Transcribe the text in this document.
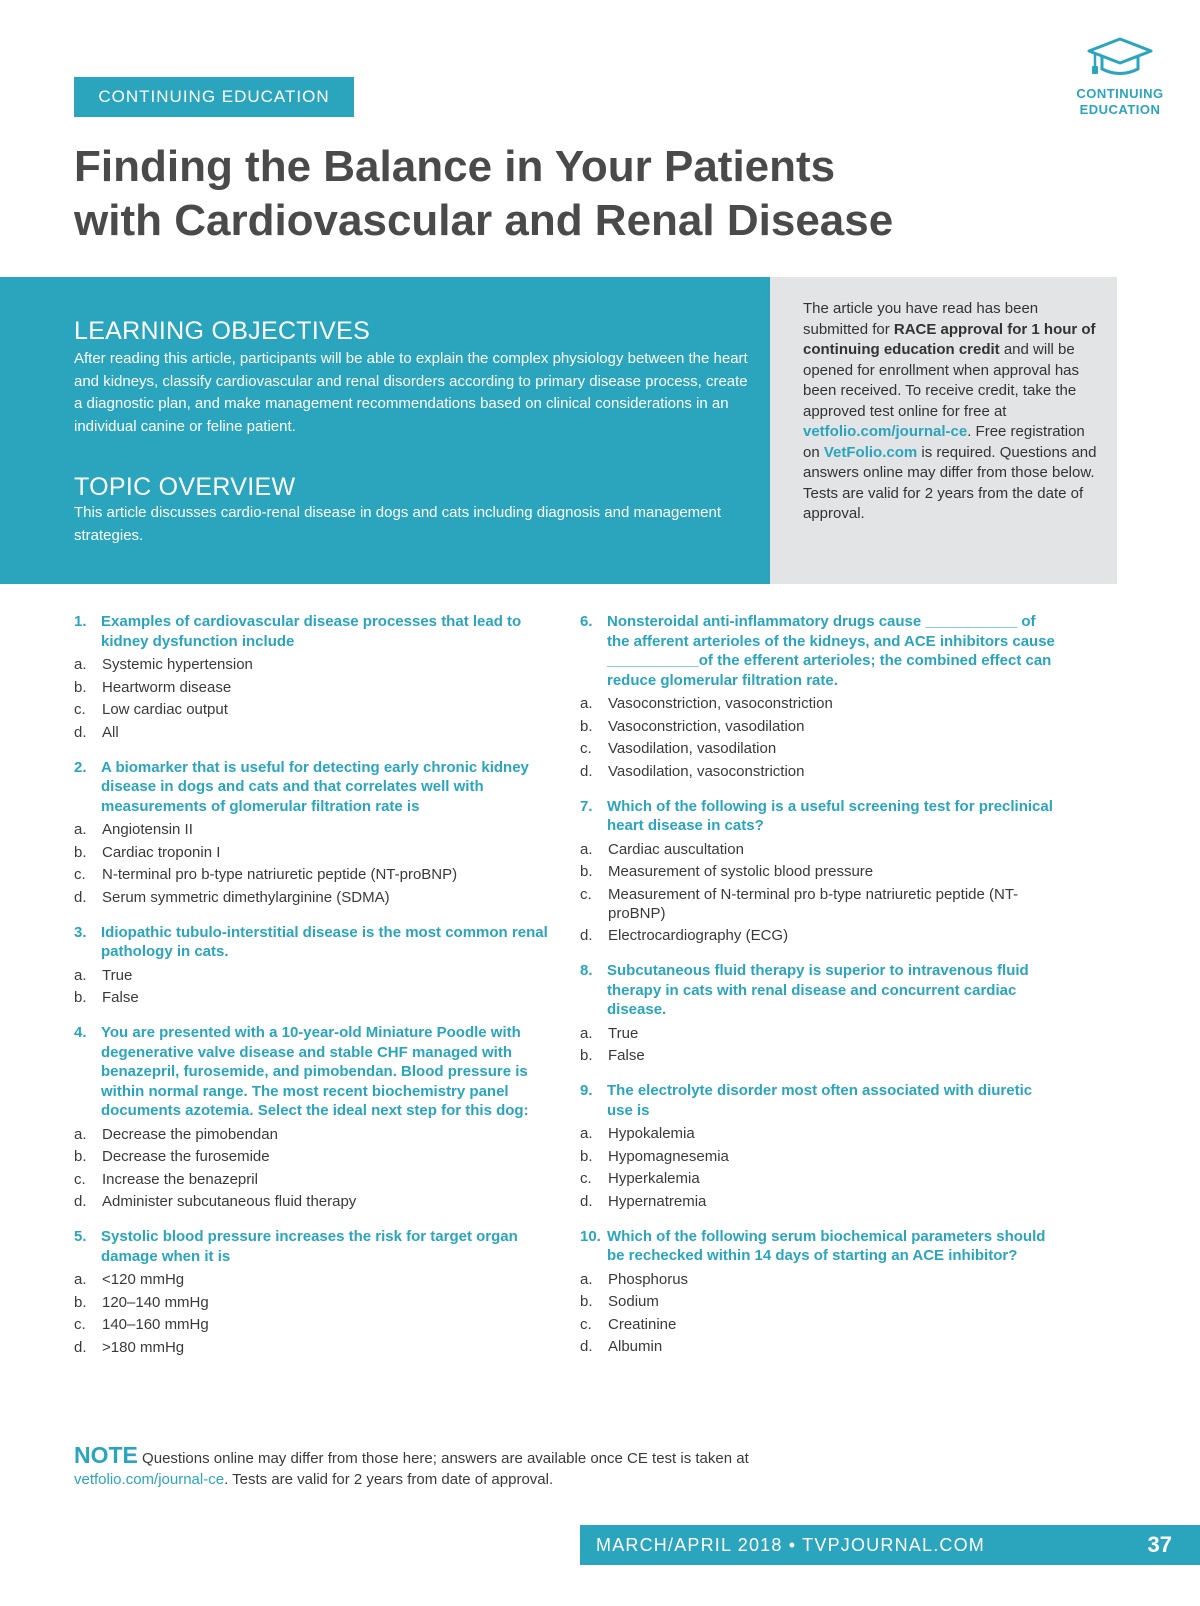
CONTINUING EDUCATION	CONTINUING
EDUCATION
Finding the Balance in Your Patients
with Cardiovascular and Renal Disease
LEARNING OBJECTIVES

After reading this article, participants will be able to explain the complex physiology between the heart and kidneys, classify cardiovascular and renal disorders according to primary disease process, create a diagnostic plan, and make management recommendations based on clinical considerations in an individual canine or feline patient.

TOPIC OVERVIEW

This article discusses cardio-renal disease in dogs and cats including diagnosis and management strategies.

The article you have read has been submitted for RACE approval for 1 hour of continuing education credit and will be opened for enrollment when approval has been received. To receive credit, take the approved test online for free at vetfolio.com/journal-ce. Free registration on VetFolio.com is required. Questions and answers online may differ from those below. Tests are valid for 2 years from the date of approval.

1. Examples of cardiovascular disease processes that lead to kidney dysfunction include
a.	Systemic hypertension
b.	Heartworm disease
c.	Low cardiac output
d.	All
2. A biomarker that is useful for detecting early chronic kidney disease in dogs and cats and that correlates well with measurements of glomerular filtration rate is
a.	Angiotensin II
b.	Cardiac troponin I
c.	N-terminal pro b-type natriuretic peptide (NT-proBNP)
d.	Serum symmetric dimethylarginine (SDMA)
3. Idiopathic tubulo-interstitial disease is the most common renal pathology in cats.
a.	True
b.	False
4. You are presented with a 10-year-old Miniature Poodle with degenerative valve disease and stable CHF managed with benazepril, furosemide, and pimobendan. Blood pressure is within normal range. The most recent biochemistry panel documents azotemia. Select the ideal next step for this dog:
a.	Decrease the pimobendan
b.	Decrease the furosemide
c.	Increase the benazepril
d.	Administer subcutaneous fluid therapy
5. Systolic blood pressure increases the risk for target organ damage when it is
a.	<120 mmHg
b.	120–140 mmHg
c.	140–160 mmHg
d.	>180 mmHg
6. Nonsteroidal anti-inflammatory drugs cause ___________ of the afferent arterioles of the kidneys, and ACE inhibitors cause ___________of the efferent arterioles; the combined effect can reduce glomerular filtration rate.
a.	Vasoconstriction, vasoconstriction
b.	Vasoconstriction, vasodilation
c.	Vasodilation, vasodilation
d.	Vasodilation, vasoconstriction
7. Which of the following is a useful screening test for preclinical heart disease in cats?
a.	Cardiac auscultation
b.	Measurement of systolic blood pressure
c.	Measurement of N-terminal pro b-type natriuretic peptide (NT-proBNP)
d.	Electrocardiography (ECG)
8. Subcutaneous fluid therapy is superior to intravenous fluid therapy in cats with renal disease and concurrent cardiac disease.
a.	True
b.	False
9. The electrolyte disorder most often associated with diuretic use is
a.	Hypokalemia
b.	Hypomagnesemia
c.	Hyperkalemia
d.	Hypernatremia
10. Which of the following serum biochemical parameters should be rechecked within 14 days of starting an ACE inhibitor?
a.	Phosphorus
b.	Sodium
c.	Creatinine
d.	Albumin

NOTE Questions online may differ from those here; answers are available once CE test is taken at vetfolio.com/journal-ce. Tests are valid for 2 years from date of approval.

MARCH/APRIL 2018 • TVPJOURNAL.COM	37
